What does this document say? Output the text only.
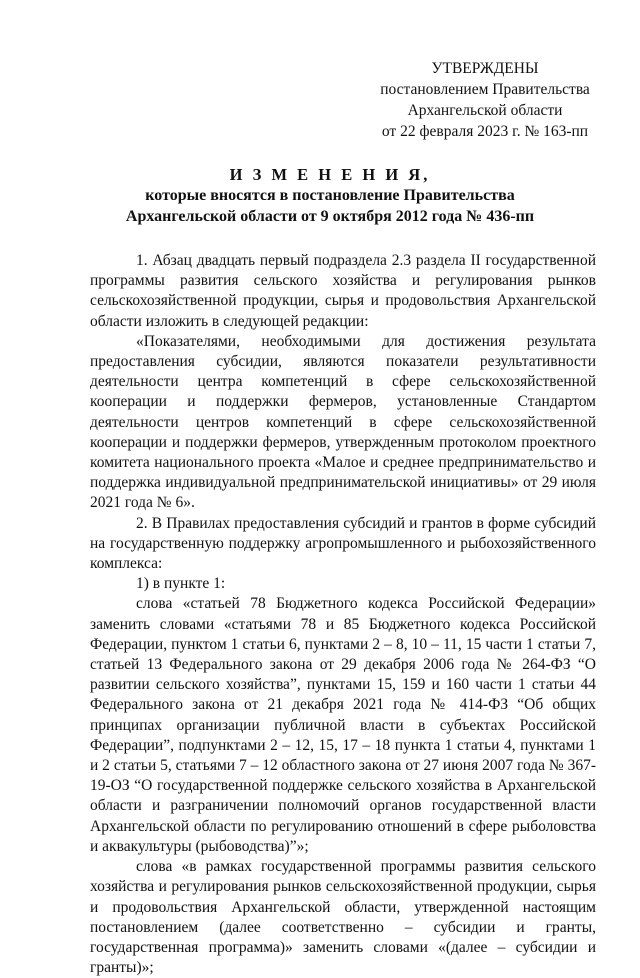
УТВЕРЖДЕНЫ
постановлением Правительства
Архангельской области
от 22 февраля 2023 г. № 163-пп
И З М Е Н Е Н И Я,
которые вносятся в постановление Правительства
Архангельской области от 9 октября 2012 года № 436-пп

1. Абзац двадцать первый подраздела 2.3 раздела II государственной программы развития сельского хозяйства и регулирования рынков сельскохозяйственной продукции, сырья и продовольствия Архангельской области изложить в следующей редакции:

«Показателями, необходимыми для достижения результата предоставления субсидии, являются показатели результативности деятельности центра компетенций в сфере сельскохозяйственной кооперации и поддержки фермеров, установленные Стандартом деятельности центров компетенций в сфере сельскохозяйственной кооперации и поддержки фермеров, утвержденным протоколом проектного комитета национального проекта «Малое и среднее предпринимательство и поддержка индивидуальной предпринимательской инициативы» от 29 июля 2021 года № 6».

2. В Правилах предоставления субсидий и грантов в форме субсидий на государственную поддержку агропромышленного и рыбохозяйственного комплекса:

1) в пункте 1:

слова «статьей 78 Бюджетного кодекса Российской Федерации» заменить словами «статьями 78 и 85 Бюджетного кодекса Российской Федерации, пунктом 1 статьи 6, пунктами 2 – 8, 10 – 11, 15 части 1 статьи 7, статьей 13 Федерального закона от 29 декабря 2006 года № 264-ФЗ “О развитии сельского хозяйства”, пунктами 15, 159 и 160 части 1 статьи 44 Федерального закона от 21 декабря 2021 года № 414-ФЗ “Об общих принципах организации публичной власти в субъектах Российской Федерации”, подпунктами 2 – 12, 15, 17 – 18 пункта 1 статьи 4, пунктами 1 и 2 статьи 5, статьями 7 – 12 областного закона от 27 июня 2007 года № 367-19-ОЗ “О государственной поддержке сельского хозяйства в Архангельской области и разграничении полномочий органов государственной власти Архангельской области по регулированию отношений в сфере рыболовства и аквакультуры (рыбоводства)”»;

слова «в рамках государственной программы развития сельского хозяйства и регулирования рынков сельскохозяйственной продукции, сырья и продовольствия Архангельской области, утвержденной настоящим постановлением (далее соответственно – субсидии и гранты, государственная программа)» заменить словами «(далее – субсидии и гранты)»;
